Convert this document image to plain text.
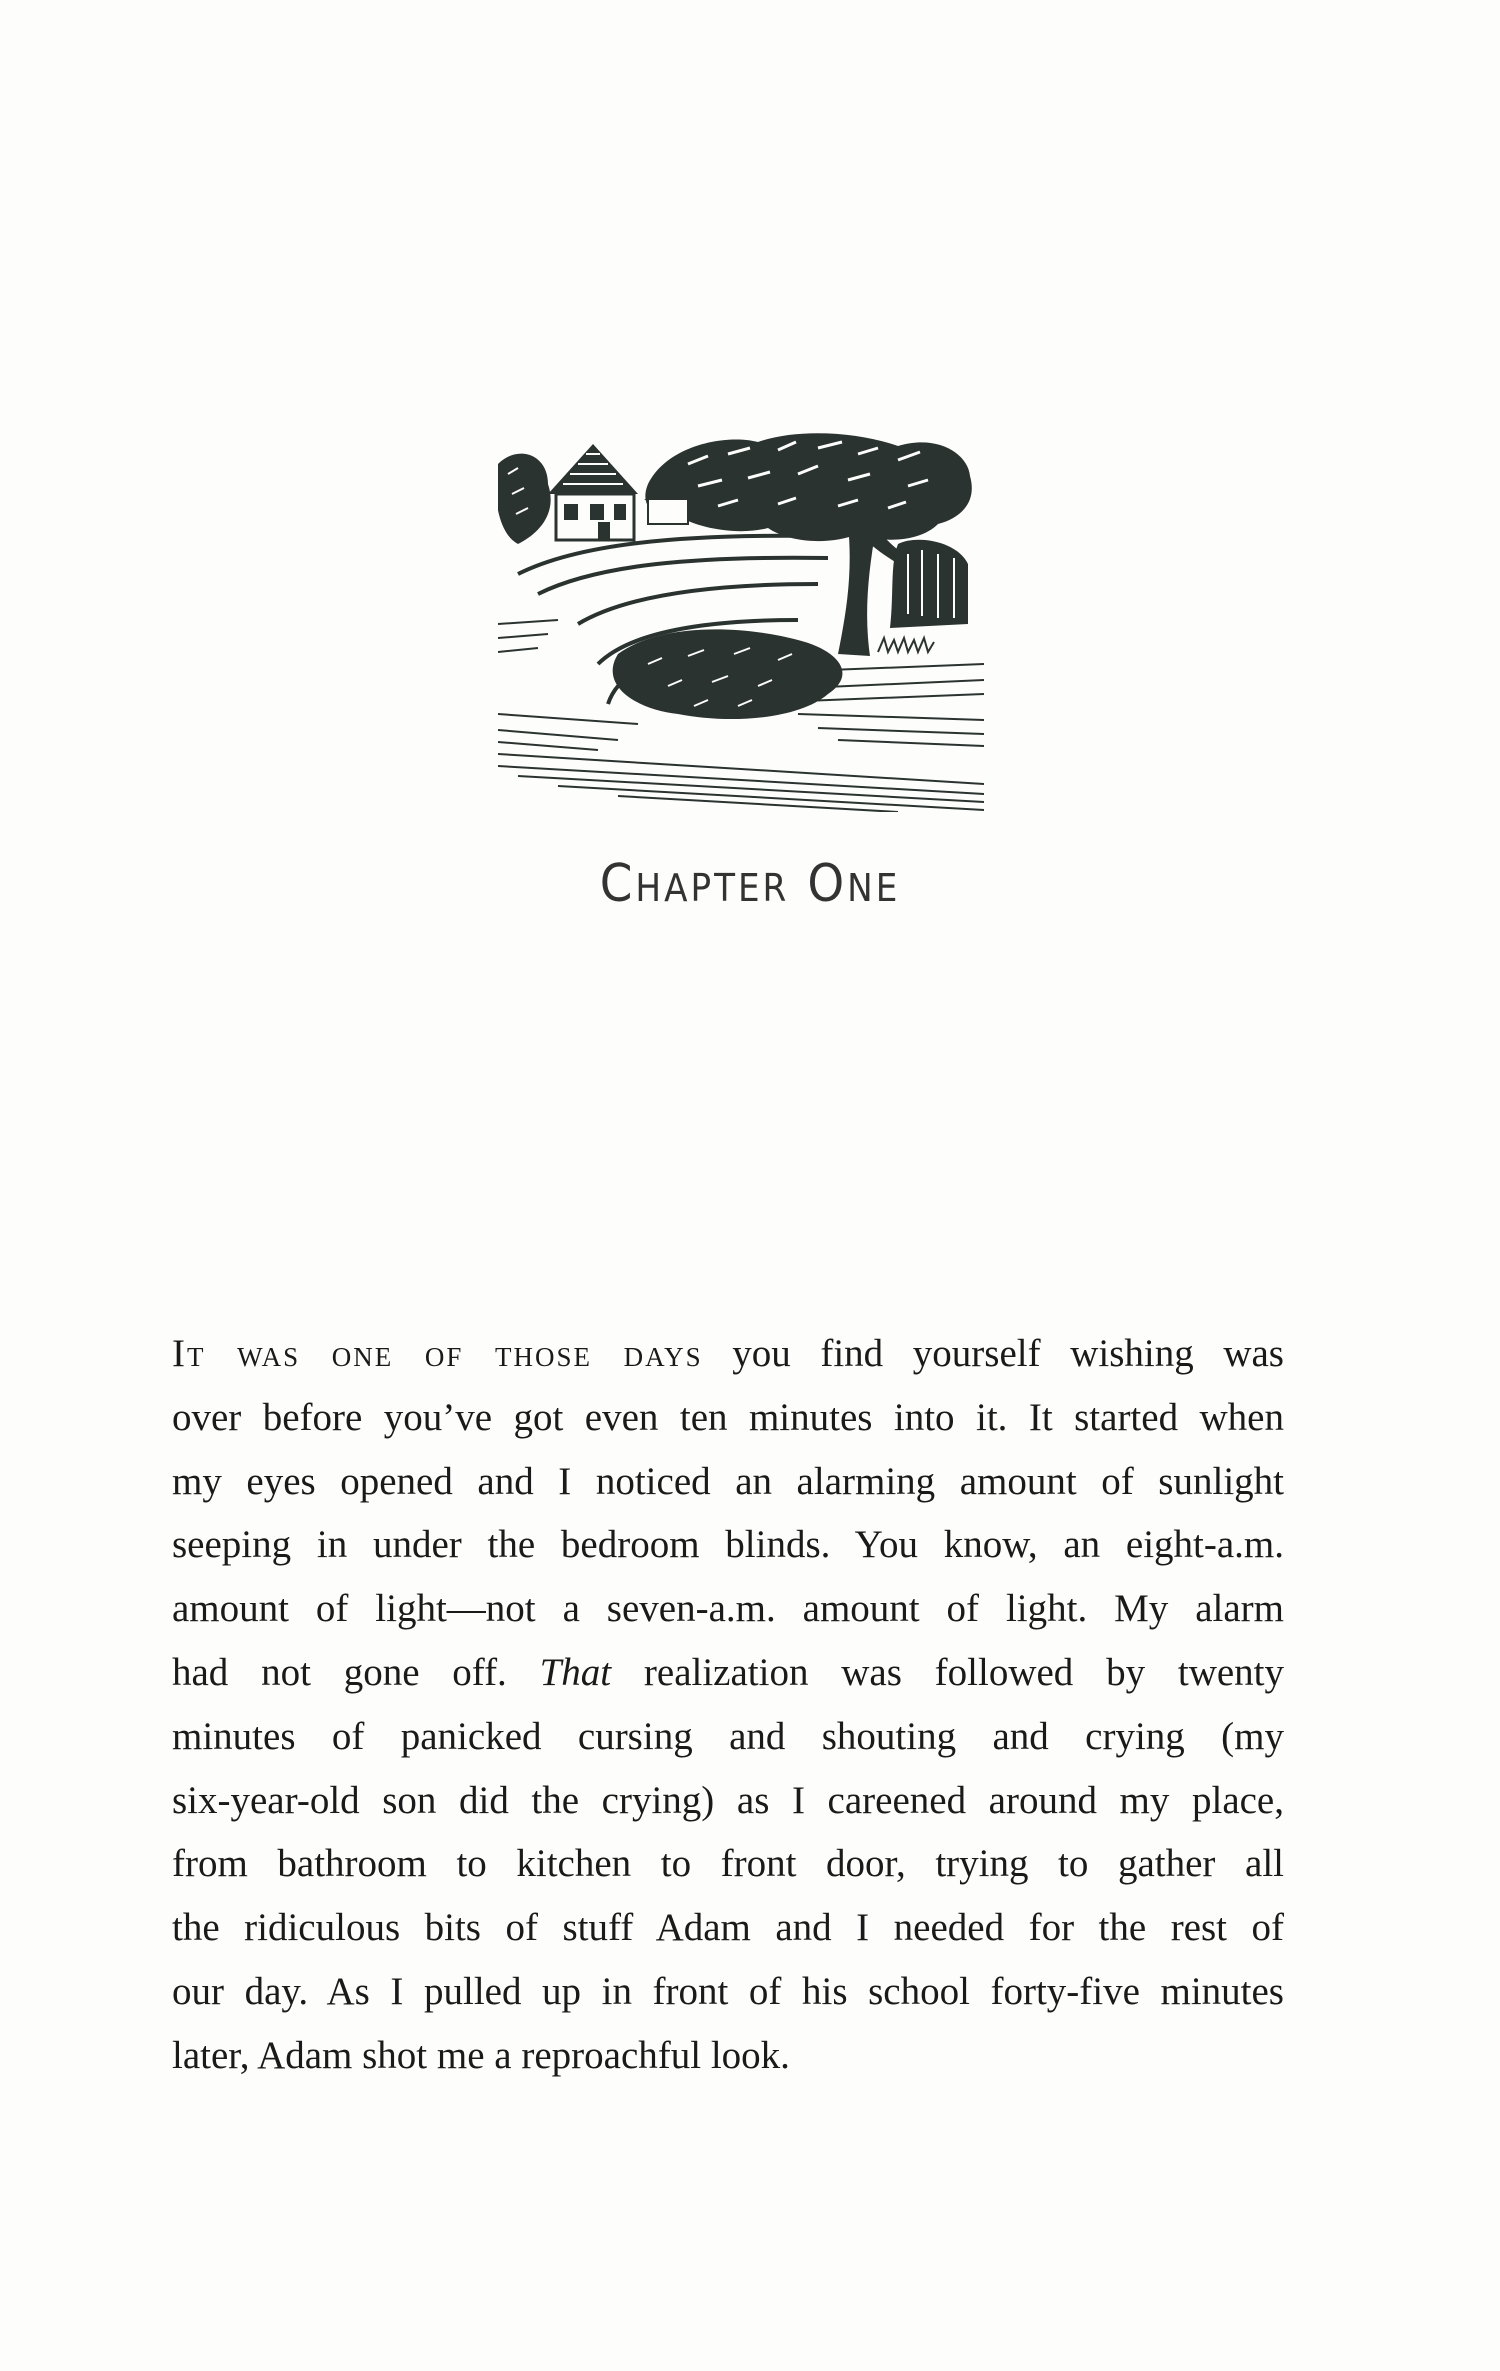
CHAPTER ONE
It was one of those days you find yourself wishing was
over before you’ve got even ten minutes into it. It started when
my eyes opened and I noticed an alarming amount of sunlight
seeping in under the bedroom blinds. You know, an eight-a.m.
amount of light—not a seven-a.m. amount of light. My alarm
had not gone off. That realization was followed by twenty
minutes of panicked cursing and shouting and crying (my
six-year-old son did the crying) as I careened around my place,
from bathroom to kitchen to front door, trying to gather all
the ridiculous bits of stuff Adam and I needed for the rest of
our day. As I pulled up in front of his school forty-five minutes
later, Adam shot me a reproachful look.
